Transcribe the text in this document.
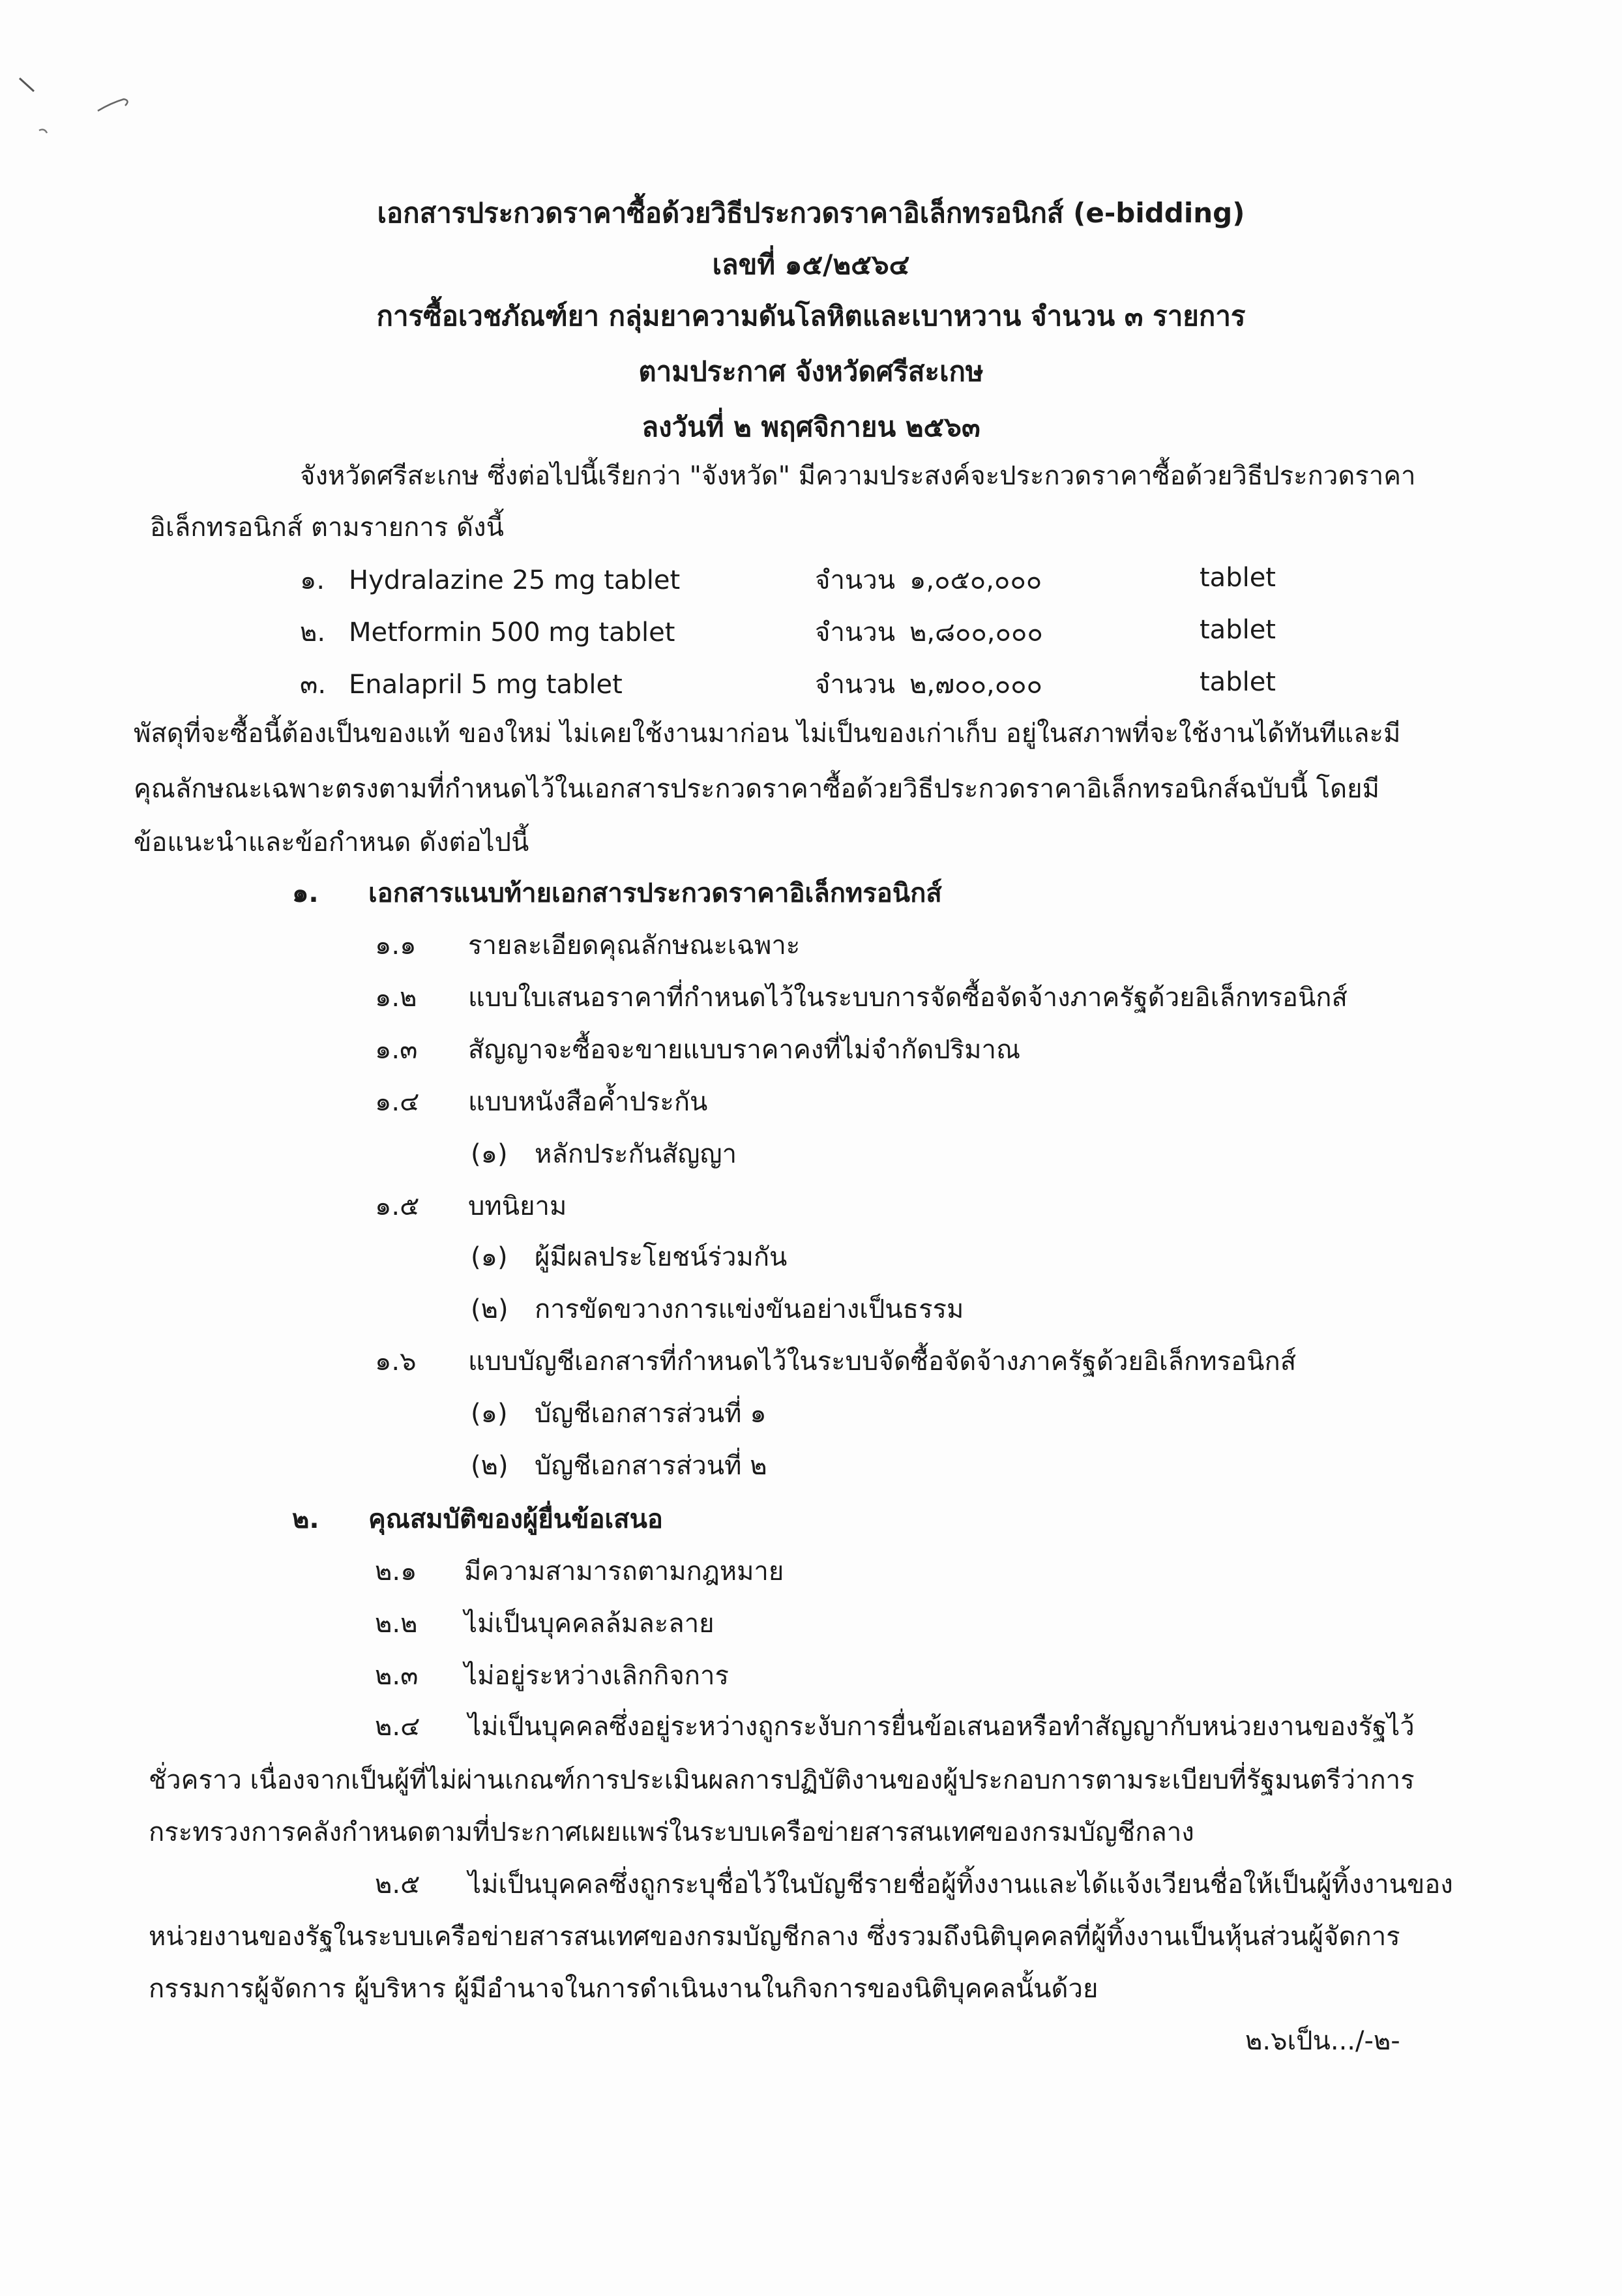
เอกสารประกวดราคาซื้อด้วยวิธีประกวดราคาอิเล็กทรอนิกส์ (e-bidding)
เลขที่ ๑๕/๒๕๖๔
การซื้อเวชภัณฑ์ยา กลุ่มยาความดันโลหิตและเบาหวาน จำนวน ๓ รายการ
ตามประกาศ จังหวัดศรีสะเกษ
ลงวันที่ ๒ พฤศจิกายน ๒๕๖๓
จังหวัดศรีสะเกษ ซึ่งต่อไปนี้เรียกว่า "จังหวัด" มีความประสงค์จะประกวดราคาซื้อด้วยวิธีประกวดราคา
อิเล็กทรอนิกส์ ตามรายการ ดังนี้
๑. Hydralazine 25 mg tablet	จำนวน ๑,๐๕๐,๐๐๐	tablet
๒. Metformin 500 mg tablet	จำนวน ๒,๘๐๐,๐๐๐	tablet
๓. Enalapril 5 mg tablet	จำนวน ๒,๗๐๐,๐๐๐	tablet
พัสดุที่จะซื้อนี้ต้องเป็นของแท้ ของใหม่ ไม่เคยใช้งานมาก่อน ไม่เป็นของเก่าเก็บ อยู่ในสภาพที่จะใช้งานได้ทันทีและมี
คุณลักษณะเฉพาะตรงตามที่กำหนดไว้ในเอกสารประกวดราคาซื้อด้วยวิธีประกวดราคาอิเล็กทรอนิกส์ฉบับนี้ โดยมี
ข้อแนะนำและข้อกำหนด ดังต่อไปนี้
๑. เอกสารแนบท้ายเอกสารประกวดราคาอิเล็กทรอนิกส์
๑.๑ รายละเอียดคุณลักษณะเฉพาะ
๑.๒ แบบใบเสนอราคาที่กำหนดไว้ในระบบการจัดซื้อจัดจ้างภาครัฐด้วยอิเล็กทรอนิกส์
๑.๓ สัญญาจะซื้อจะขายแบบราคาคงที่ไม่จำกัดปริมาณ
๑.๔ แบบหนังสือค้ำประกัน
(๑) หลักประกันสัญญา
๑.๕ บทนิยาม
(๑) ผู้มีผลประโยชน์ร่วมกัน
(๒) การขัดขวางการแข่งขันอย่างเป็นธรรม
๑.๖ แบบบัญชีเอกสารที่กำหนดไว้ในระบบจัดซื้อจัดจ้างภาครัฐด้วยอิเล็กทรอนิกส์
(๑) บัญชีเอกสารส่วนที่ ๑
(๒) บัญชีเอกสารส่วนที่ ๒
๒. คุณสมบัติของผู้ยื่นข้อเสนอ
๒.๑ มีความสามารถตามกฎหมาย
๒.๒ ไม่เป็นบุคคลล้มละลาย
๒.๓ ไม่อยู่ระหว่างเลิกกิจการ
๒.๔ ไม่เป็นบุคคลซึ่งอยู่ระหว่างถูกระงับการยื่นข้อเสนอหรือทำสัญญากับหน่วยงานของรัฐไว้
ชั่วคราว เนื่องจากเป็นผู้ที่ไม่ผ่านเกณฑ์การประเมินผลการปฏิบัติงานของผู้ประกอบการตามระเบียบที่รัฐมนตรีว่าการ
กระทรวงการคลังกำหนดตามที่ประกาศเผยแพร่ในระบบเครือข่ายสารสนเทศของกรมบัญชีกลาง
๒.๕ ไม่เป็นบุคคลซึ่งถูกระบุชื่อไว้ในบัญชีรายชื่อผู้ทิ้งงานและได้แจ้งเวียนชื่อให้เป็นผู้ทิ้งงานของ
หน่วยงานของรัฐในระบบเครือข่ายสารสนเทศของกรมบัญชีกลาง ซึ่งรวมถึงนิติบุคคลที่ผู้ทิ้งงานเป็นหุ้นส่วนผู้จัดการ
กรรมการผู้จัดการ ผู้บริหาร ผู้มีอำนาจในการดำเนินงานในกิจการของนิติบุคคลนั้นด้วย
๒.๖เป็น.../-๒-
